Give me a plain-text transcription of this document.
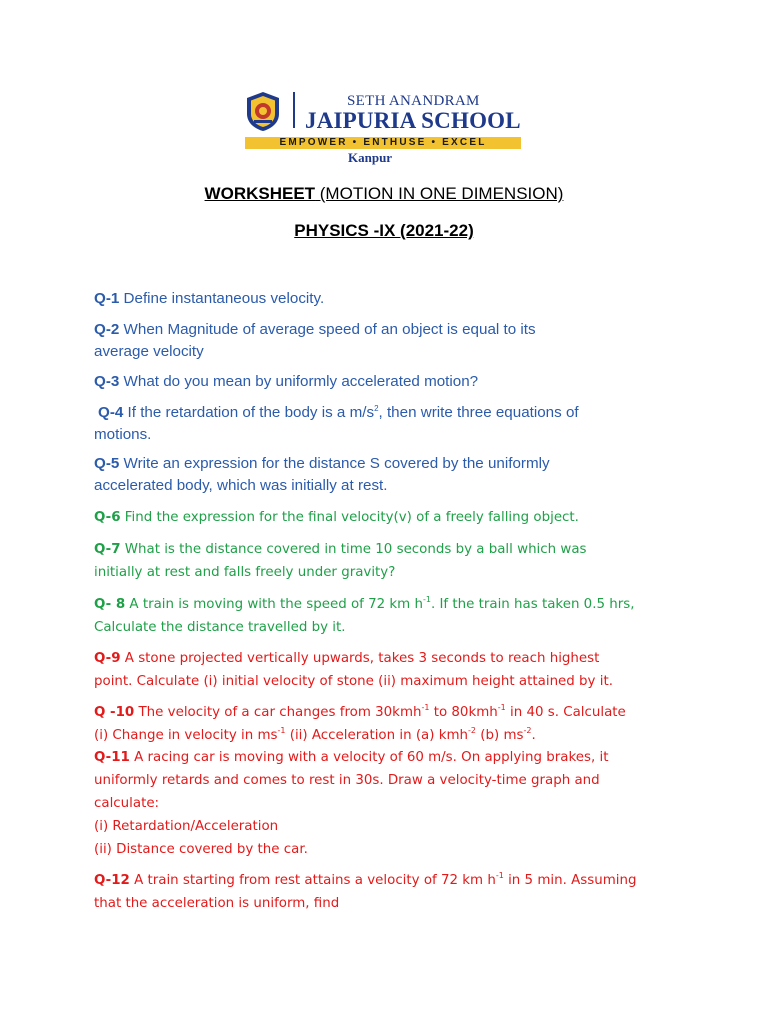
SETH ANANDRAM
JAIPURIA SCHOOL
EMPOWER • ENTHUSE • EXCEL
Kanpur
WORKSHEET (MOTION IN ONE DIMENSION)
PHYSICS -IX (2021-22)
Q-1 Define instantaneous velocity.
Q-2 When Magnitude of average speed of an object is equal to its
average velocity
Q-3 What do you mean by uniformly accelerated motion?
Q-4 If the retardation of the body is a $m/s^2$, then write three equations of
motions.
Q-5 Write an expression for the distance S covered by the uniformly
accelerated body, which was initially at rest.
Q-6 Find the expression for the final velocity(v) of a freely falling object.
Q-7 What is the distance covered in time 10 seconds by a ball which was
initially at rest and falls freely under gravity?
Q- 8 A train is moving with the speed of 72 km $h^{-1}$. If the train has taken 0.5 hrs,
Calculate the distance travelled by it.
Q-9 A stone projected vertically upwards, takes 3 seconds to reach highest
point. Calculate (i) initial velocity of stone (ii) maximum height attained by it.
Q -10 The velocity of a car changes from 30kmh$^{-1}$ to 80kmh$^{-1}$ in 40 s. Calculate
(i) Change in velocity in $ms^{-1}$ (ii) Acceleration in (a) kmh$^{-2}$ (b) $ms^{-2}$.
Q-11 A racing car is moving with a velocity of 60 m/s. On applying brakes, it
uniformly retards and comes to rest in 30s. Draw a velocity-time graph and
calculate:
(i) Retardation/Acceleration
(ii) Distance covered by the car.
Q-12 A train starting from rest attains a velocity of 72 km $h^{-1}$ in 5 min. Assuming
that the acceleration is uniform, find
